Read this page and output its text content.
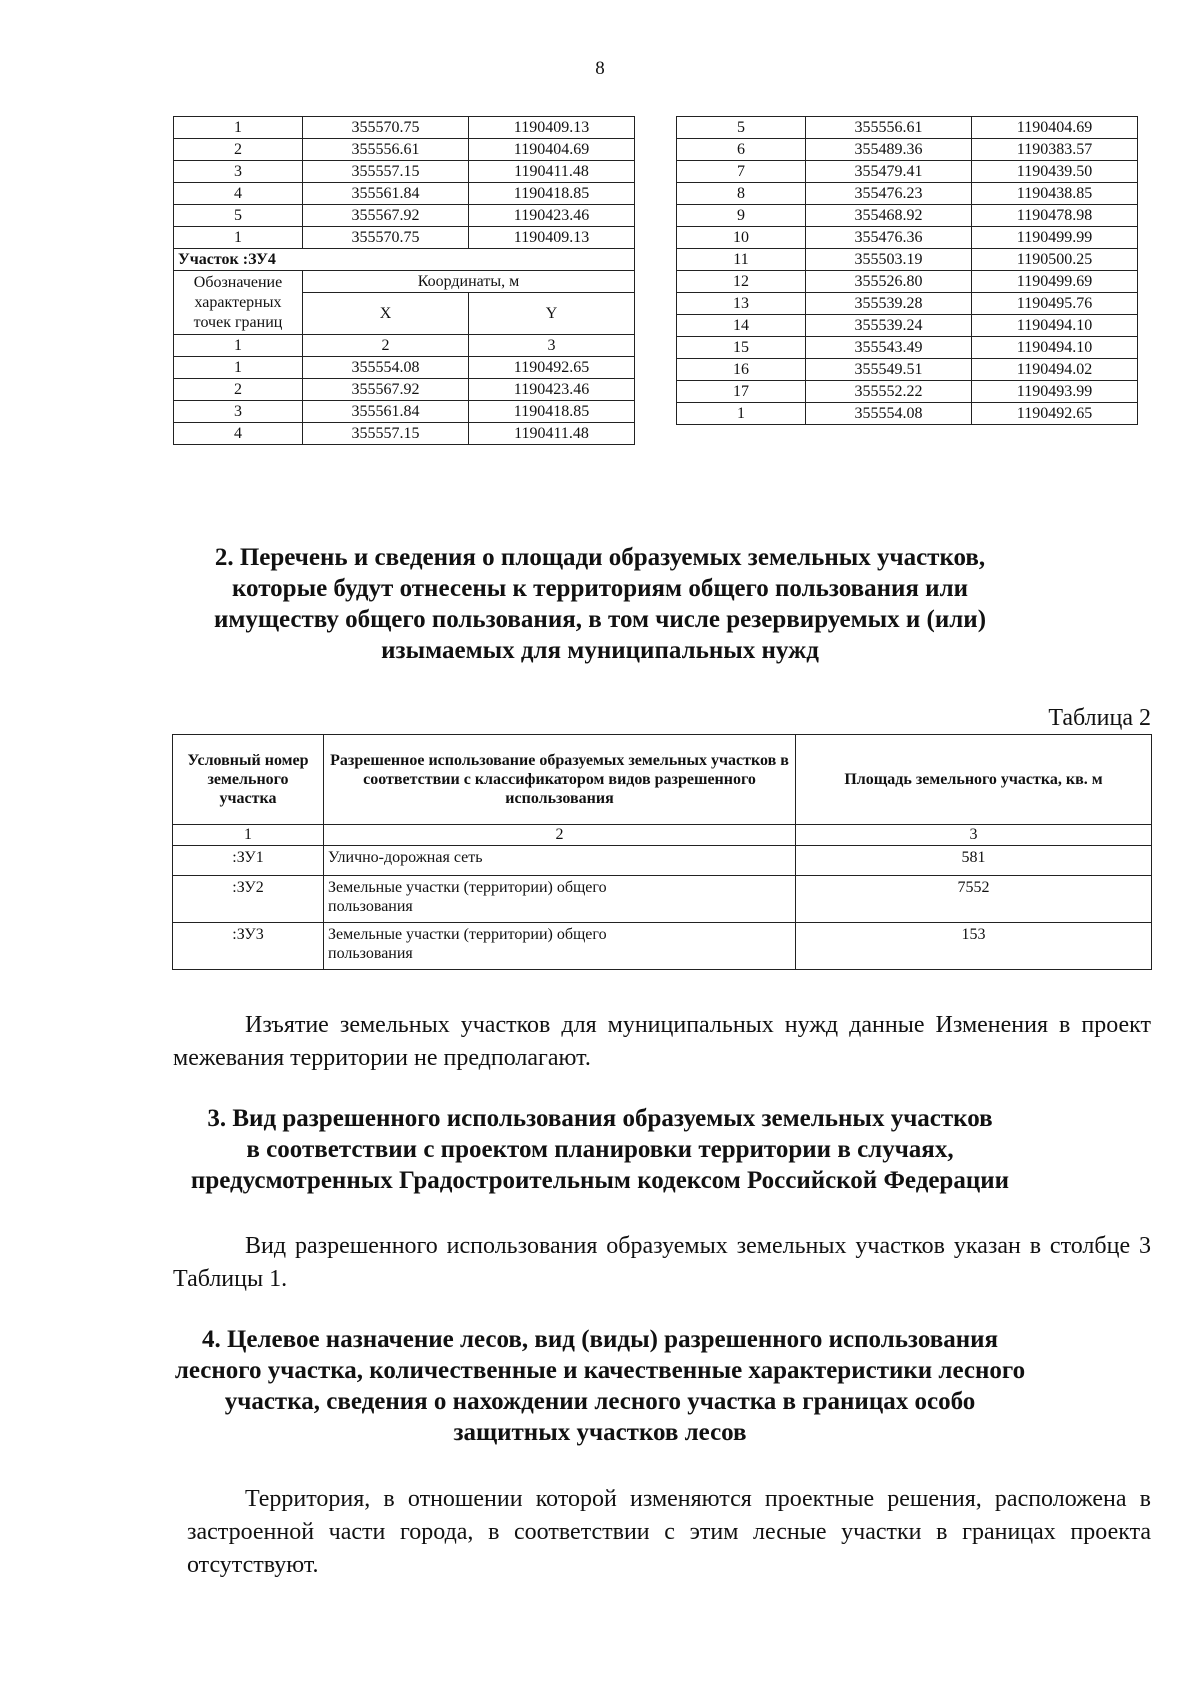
8
1	355570.75	1190409.13
2	355556.61	1190404.69
3	355557.15	1190411.48
4	355561.84	1190418.85
5	355567.92	1190423.46
1	355570.75	1190409.13
Участок :ЗУ4		
Обозначение характерных точек границ	Координаты, м	
	X	Y

1	2	3
1	355554.08	1190492.65
2	355567.92	1190423.46
3	355561.84	1190418.85
4	355557.15	1190411.48
5	355556.61	1190404.69
6	355489.36	1190383.57
7	355479.41	1190439.50
8	355476.23	1190438.85
9	355468.92	1190478.98
10	355476.36	1190499.99
11	355503.19	1190500.25
12	355526.80	1190499.69
13	355539.28	1190495.76
14	355539.24	1190494.10
15	355543.49	1190494.10
16	355549.51	1190494.02
17	355552.22	1190493.99
1	355554.08	1190492.65
2. Перечень и сведения о площади образуемых земельных участков,
которые будут отнесены к территориям общего пользования или
имуществу общего пользования, в том числе резервируемых и (или)
изымаемых для муниципальных нужд
Таблица 2
Условный номер земельного участка	Разрешенное использование образуемых земельных участков в соответствии с классификатором видов разрешенного использования	Площадь земельного участка, кв. м
1	2	3
:ЗУ1	Улично-дорожная сеть	581
:ЗУ2	Земельные участки (территории) общего пользования	7552
:ЗУ3	Земельные участки (территории) общего пользования	153
Изъятие земельных участков для муниципальных нужд данные Изменения в проект межевания территории не предполагают.
3. Вид разрешенного использования образуемых земельных участков
в соответствии с проектом планировки территории в случаях,
предусмотренных Градостроительным кодексом Российской Федерации
Вид разрешенного использования образуемых земельных участков указан в столбце 3 Таблицы 1.
4. Целевое назначение лесов, вид (виды) разрешенного использования
лесного участка, количественные и качественные характеристики лесного
участка, сведения о нахождении лесного участка в границах особо
защитных участков лесов
Территория, в отношении которой изменяются проектные решения, расположена в застроенной части города, в соответствии с этим лесные участки в границах проекта отсутствуют.
